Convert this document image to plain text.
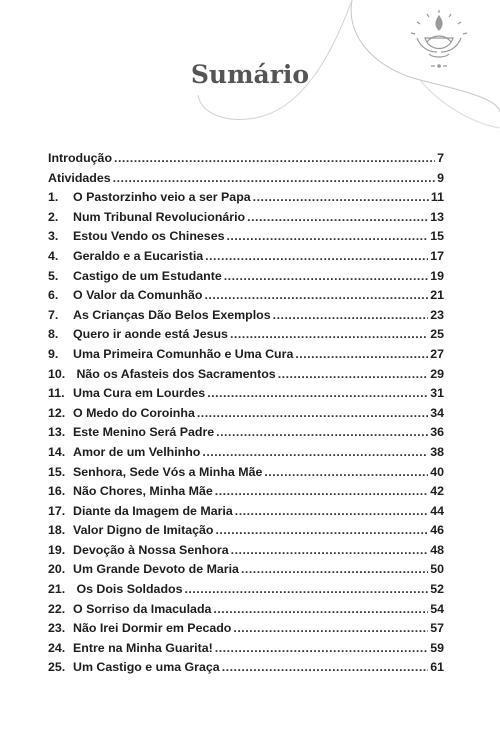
Sumário
Introdução .....	7
Atividades .....	9
1.	O Pastorzinho veio a ser Papa .....	11
2.	Num Tribunal Revolucionário .....	13
3.	Estou Vendo os Chineses .....	15
4.	Geraldo e a Eucaristia .....	17
5.	Castigo de um Estudante .....	19
6.	O Valor da Comunhão .....	21
7.	As Crianças Dão Belos Exemplos .....	23
8.	Quero ir aonde está Jesus .....	25
9.	Uma Primeira Comunhão e Uma Cura .....	27
10. Não os Afasteis dos Sacramentos .....	29
11. Uma Cura em Lourdes .....	31
12. O Medo do Coroinha .....	34
13. Este Menino Será Padre .....	36
14. Amor de um Velhinho .....	38
15. Senhora, Sede Vós a Minha Mãe .....	40
16. Não Chores, Minha Mãe .....	42
17. Diante da Imagem de Maria .....	44
18. Valor Digno de Imitação .....	46
19. Devoção à Nossa Senhora .....	48
20. Um Grande Devoto de Maria .....	50
21. Os Dois Soldados .....	52
22. O Sorriso da Imaculada .....	54
23. Não Irei Dormir em Pecado .....	57
24. Entre na Minha Guarita! .....	59
25. Um Castigo e uma Graça .....	61
